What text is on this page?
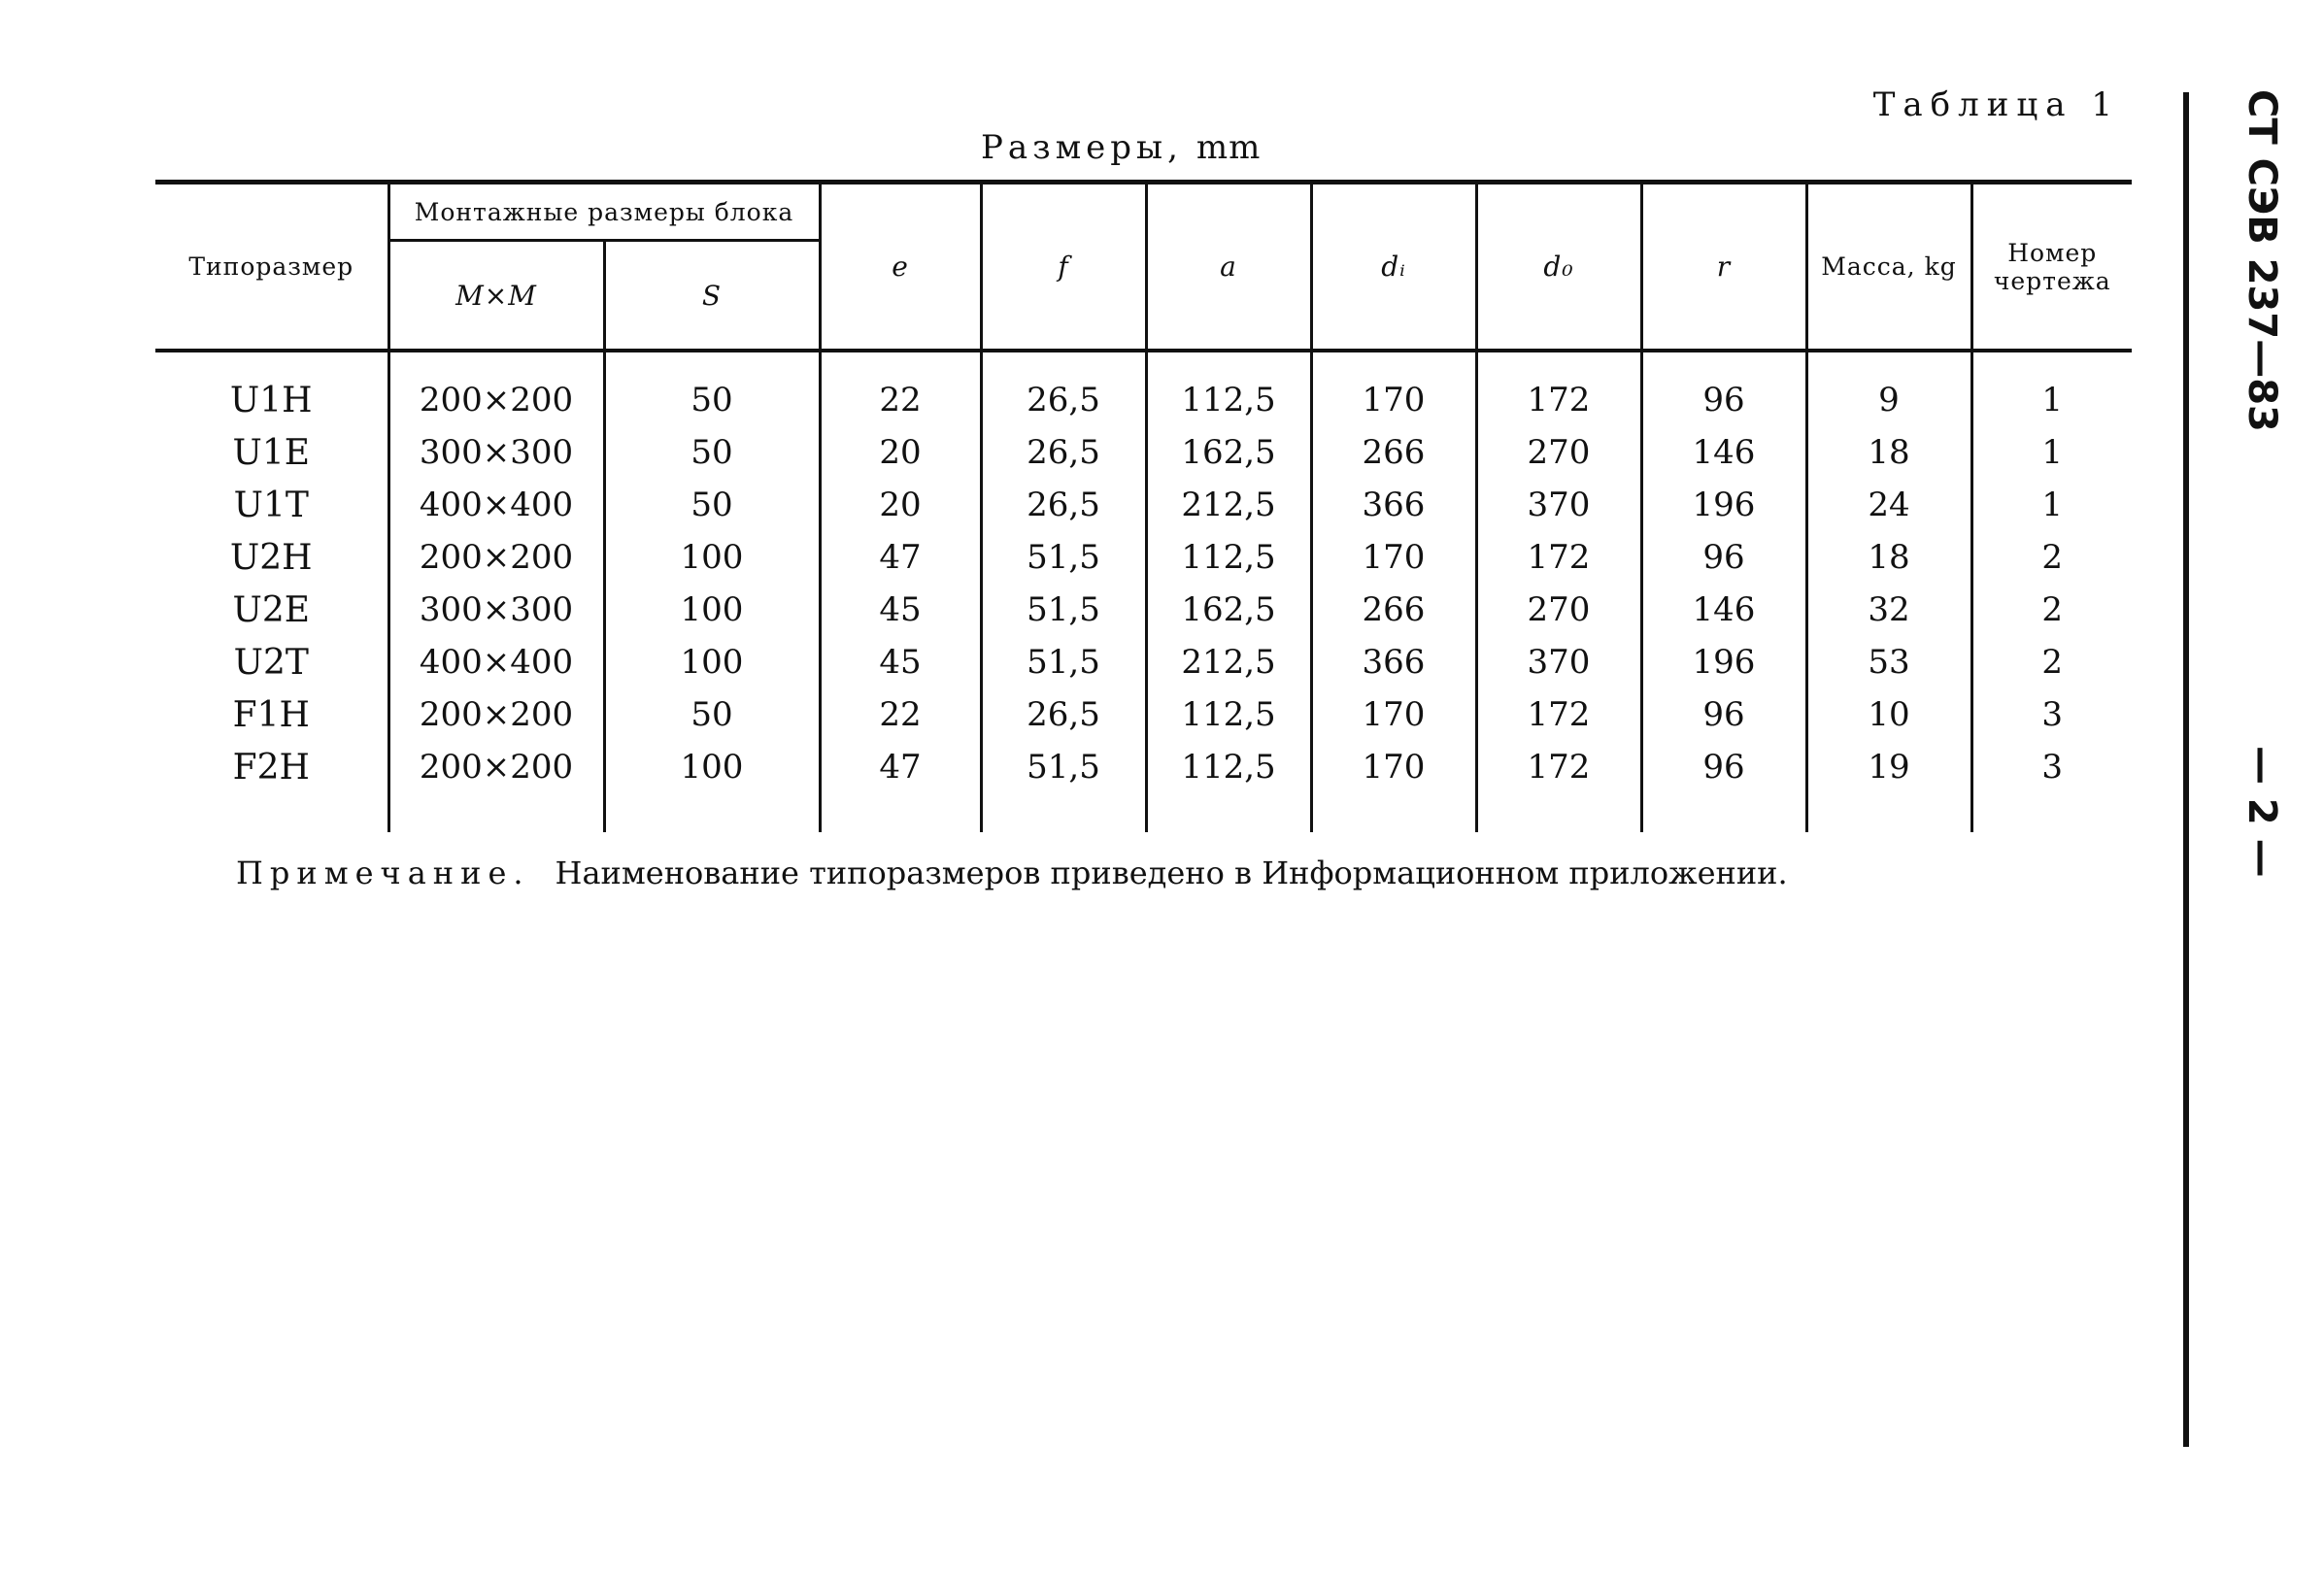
Таблица 1
Размеры, mm
Типоразмер	Монтажные размеры блока		e	f	a	dᵢ	d₀	r	Масса, kg	Номер чертежа
	M×M	S								
U1H	200×200	50	22	26,5	112,5	170	172	96	9	1
U1E	300×300	50	20	26,5	162,5	266	270	146	18	1
U1T	400×400	50	20	26,5	212,5	366	370	196	24	1
U2H	200×200	100	47	51,5	112,5	170	172	96	18	2
U2E	300×300	100	45	51,5	162,5	266	270	146	32	2
U2T	400×400	100	45	51,5	212,5	366	370	196	53	2
F1H	200×200	50	22	26,5	112,5	170	172	96	10	3
F2H	200×200	100	47	51,5	112,5	170	172	96	19	3

Примечание. Наименование типоразмеров приведено в Информационном приложении.
СТ СЭВ 237—83
— 2 —
